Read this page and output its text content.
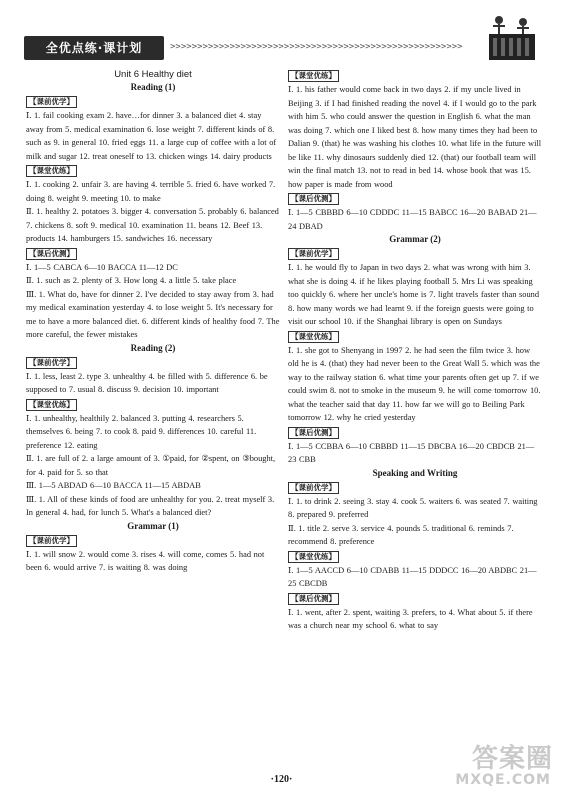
全优点练·课计划	>>>>>>>>>>>>>>>>>>>>>>>>>>>>>>>>>>>>>>>>>>>>>>>>>>>>>>

Unit 6 Healthy diet

Reading (1)

【课前优学】

Ⅰ. 1. fail cooking exam 2. have…for dinner 3. a balanced diet 4. stay away from 5. medical examination 6. lose weight 7. different kinds of 8. such as 9. in general 10. fried eggs 11. a large cup of coffee with a lot of milk and sugar 12. treat oneself to 13. chicken wings 14. dairy products

【课堂优练】

Ⅰ. 1. cooking 2. unfair 3. are having 4. terrible 5. fried 6. have worked 7. doing 8. weight 9. meeting 10. to make

Ⅱ. 1. healthy 2. potatoes 3. bigger 4. conversation 5. probably 6. balanced 7. chickens 8. soft 9. medical 10. examination 11. beans 12. Beef 13. products 14. hamburgers 15. sandwiches 16. necessary

【课后优测】

Ⅰ. 1—5 CABCA 6—10 BACCA 11—12 DC

Ⅱ. 1. such as 2. plenty of 3. How long 4. a little 5. take place

Ⅲ. 1. What do, have for dinner 2. I've decided to stay away from 3. had my medical examination yesterday 4. to lose weight 5. It's necessary for me to have a more balanced diet. 6. different kinds of healthy food 7. The more careful, the fewer mistakes

Reading (2)

【课前优学】

Ⅰ. 1. less, least 2. type 3. unhealthy 4. be filled with 5. difference 6. be supposed to 7. usual 8. discuss 9. decision 10. important

【课堂优练】

Ⅰ. 1. unhealthy, healthily 2. balanced 3. putting 4. researchers 5. themselves 6. being 7. to cook 8. paid 9. differences 10. careful 11. preference 12. eating

Ⅱ. 1. are full of 2. a large amount of 3. ①paid, for ②spent, on ③bought, for 4. paid for 5. so that

Ⅲ. 1—5 ABDAD 6—10 BACCA 11—15 ABDAB

Ⅲ. 1. All of these kinds of food are unhealthy for you. 2. treat myself 3. In general 4. had, for lunch 5. What's a balanced diet?

Grammar (1)

【课前优学】

Ⅰ. 1. will snow 2. would come 3. rises 4. will come, comes 5. had not been 6. would arrive 7. is waiting 8. was doing

【课堂优练】

Ⅰ. 1. his father would come back in two days 2. if my uncle lived in Beijing 3. if I had finished reading the novel 4. if I would go to the park with him 5. who could answer the question in English 6. what the man was doing 7. which one I liked best 8. how many times they had been to Dalian 9. (that) he was washing his clothes 10. what life in the future will be like 11. why dinosaurs suddenly died 12. (that) our football team will win the final match 13. not to read in bed 14. whose book that was 15. how paper is made from wood

【课后优测】

Ⅰ. 1—5 CBBBD 6—10 CDDDC 11—15 BABCC 16—20 BABAD 21—24 DBAD

Grammar (2)

【课前优学】

Ⅰ. 1. he would fly to Japan in two days 2. what was wrong with him 3. what she is doing 4. if he likes playing football 5. Mrs Li was speaking too quickly 6. where her uncle's home is 7. light travels faster than sound 8. how many words we had learnt 9. if the foreign guests were going to visit our school 10. if the Shanghai library is open on Sundays

【课堂优练】

Ⅰ. 1. she got to Shenyang in 1997 2. he had seen the film twice 3. how old he is 4. (that) they had never been to the Great Wall 5. which was the way to the railway station 6. what time your parents often get up 7. if we could swim 8. not to smoke in the museum 9. he will come tomorrow 10. what the teacher said that day 11. how far we will go to Beiling Park tomorrow 12. why he cried yesterday

【课后优测】

Ⅰ. 1—5 CCBBA 6—10 CBBBD 11—15 DBCBA 16—20 CBDCB 21—23 CBB

Speaking and Writing

【课前优学】

Ⅰ. 1. to drink 2. seeing 3. stay 4. cook 5. waiters 6. was seated 7. waiting 8. prepared 9. preferred

Ⅱ. 1. title 2. serve 3. service 4. pounds 5. traditional 6. reminds 7. recommend 8. preference

【课堂优练】

Ⅰ. 1—5 AACCD 6—10 CDABB 11—15 DDDCC 16—20 ABDBC 21—25 CBCDB

【课后优测】

Ⅰ. 1. went, after 2. spent, waiting 3. prefers, to 4. What about 5. if there was a church near my school 6. what to say

·120·
答案圈
MXQE.COM
